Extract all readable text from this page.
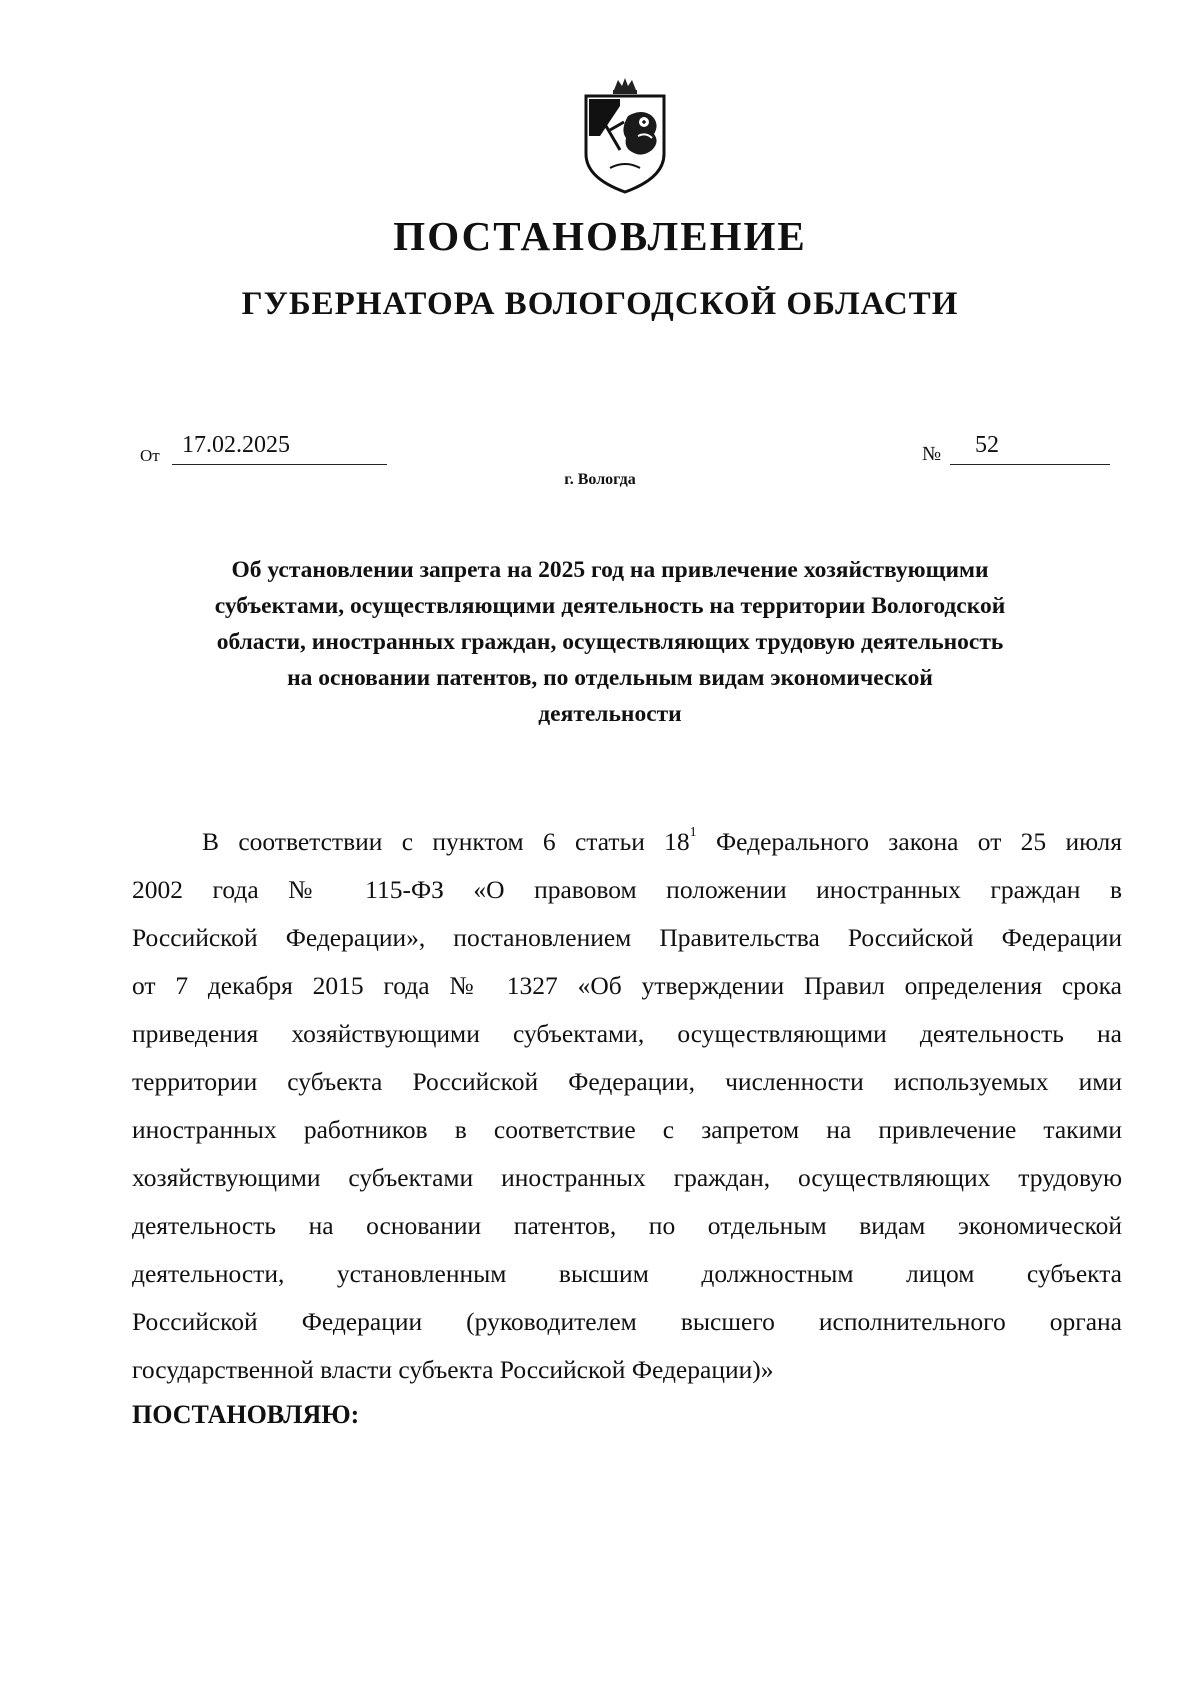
ПОСТАНОВЛЕНИЕ
ГУБЕРНАТОРА ВОЛОГОДСКОЙ ОБЛАСТИ
От 17.02.2025	№ 52
г. Вологда
Об установлении запрета на 2025 год на привлечение хозяйствующими
субъектами, осуществляющими деятельность на территории Вологодской
области, иностранных граждан, осуществляющих трудовую деятельность
на основании патентов, по отдельным видам экономической
деятельности
В соответствии с пунктом 6 статьи $18^1$ Федерального закона от 25 июля
2002 года № 115-ФЗ «О правовом положении иностранных граждан в
Российской Федерации», постановлением Правительства Российской Федерации
от 7 декабря 2015 года № 1327 «Об утверждении Правил определения срока
приведения хозяйствующими субъектами, осуществляющими деятельность на
территории субъекта Российской Федерации, численности используемых ими
иностранных работников в соответствие с запретом на привлечение такими
хозяйствующими субъектами иностранных граждан, осуществляющих трудовую
деятельность на основании патентов, по отдельным видам экономической
деятельности, установленным высшим должностным лицом субъекта
Российской Федерации (руководителем высшего исполнительного органа
государственной власти субъекта Российской Федерации)»

ПОСТАНОВЛЯЮ:
